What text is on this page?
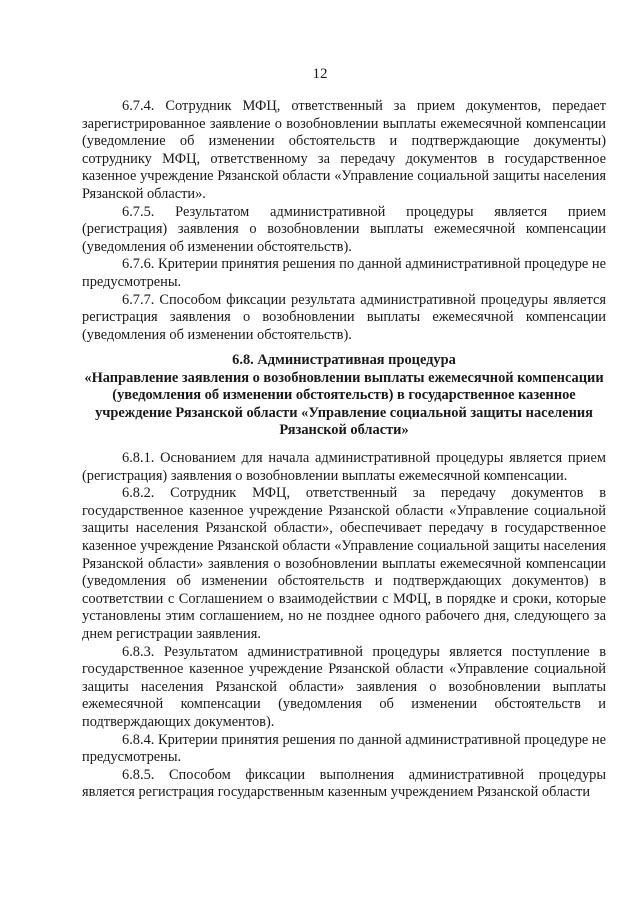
12

6.7.4. Сотрудник МФЦ, ответственный за прием документов, передает зарегистрированное заявление о возобновлении выплаты ежемесячной компенсации (уведомление об изменении обстоятельств и подтверждающие документы) сотруднику МФЦ, ответственному за передачу документов в государственное казенное учреждение Рязанской области «Управление социальной защиты населения Рязанской области».

6.7.5. Результатом административной процедуры является прием (регистрация) заявления о возобновлении выплаты ежемесячной компенсации (уведомления об изменении обстоятельств).

6.7.6. Критерии принятия решения по данной административной процедуре не предусмотрены.

6.7.7. Способом фиксации результата административной процедуры является регистрация заявления о возобновлении выплаты ежемесячной компенсации (уведомления об изменении обстоятельств).

6.8. Административная процедура
«Направление заявления о возобновлении выплаты ежемесячной компенсации (уведомления об изменении обстоятельств) в государственное казенное учреждение Рязанской области «Управление социальной защиты населения Рязанской области»

6.8.1. Основанием для начала административной процедуры является прием (регистрация) заявления о возобновлении выплаты ежемесячной компенсации.

6.8.2. Сотрудник МФЦ, ответственный за передачу документов в государственное казенное учреждение Рязанской области «Управление социальной защиты населения Рязанской области», обеспечивает передачу в государственное казенное учреждение Рязанской области «Управление социальной защиты населения Рязанской области» заявления о возобновлении выплаты ежемесячной компенсации (уведомления об изменении обстоятельств и подтверждающих документов) в соответствии с Соглашением о взаимодействии с МФЦ, в порядке и сроки, которые установлены этим соглашением, но не позднее одного рабочего дня, следующего за днем регистрации заявления.

6.8.3. Результатом административной процедуры является поступление в государственное казенное учреждение Рязанской области «Управление социальной защиты населения Рязанской области» заявления о возобновлении выплаты ежемесячной компенсации (уведомления об изменении обстоятельств и подтверждающих документов).

6.8.4. Критерии принятия решения по данной административной процедуре не предусмотрены.

6.8.5. Способом фиксации выполнения административной процедуры является регистрация государственным казенным учреждением Рязанской области
